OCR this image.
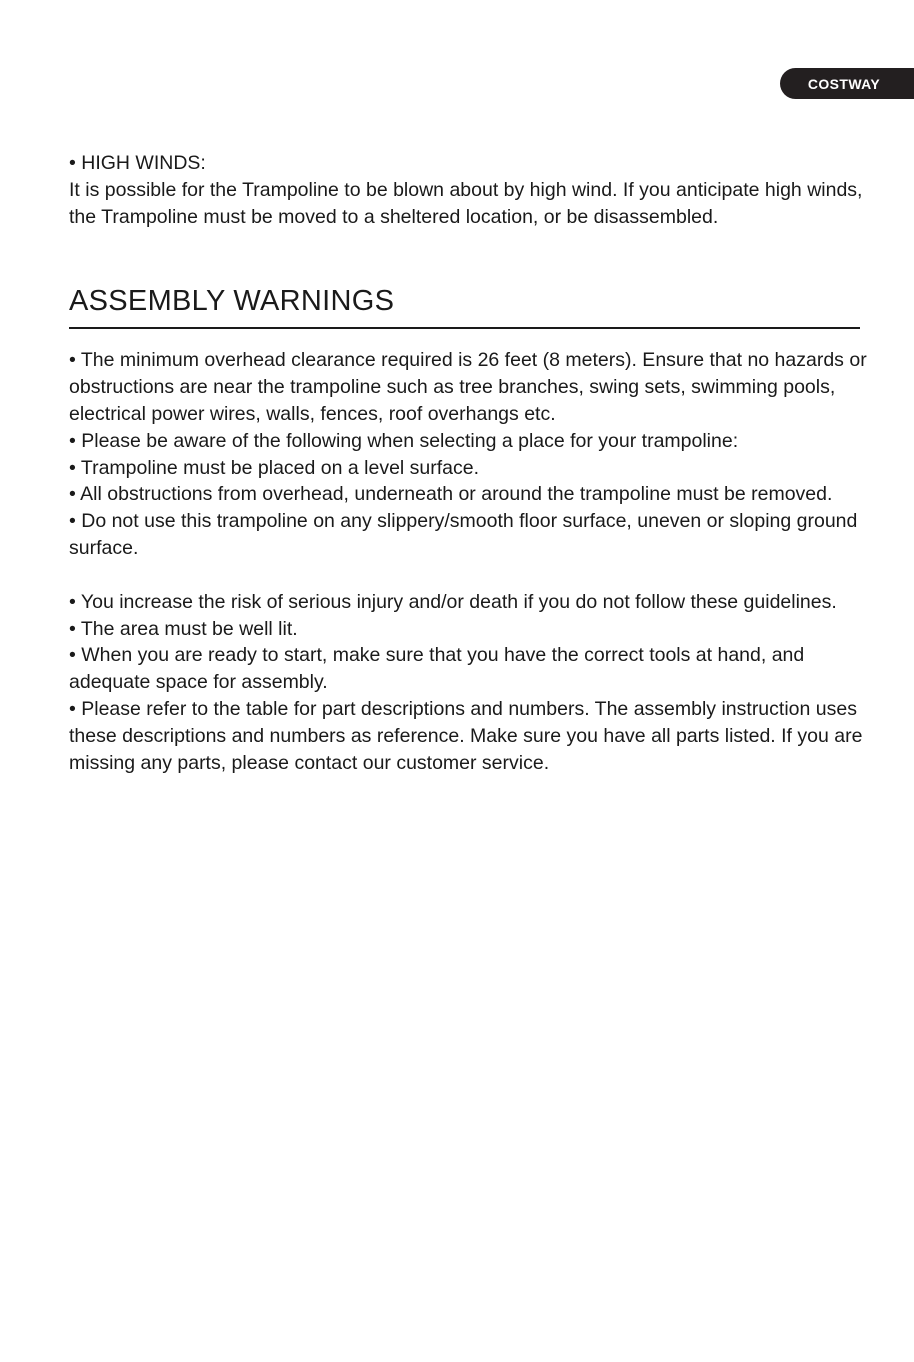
COSTWAY

• HIGH WINDS:

It is possible for the Trampoline to be blown about by high wind. If you anticipate high winds, the Trampoline must be moved to a sheltered location, or be disassembled.

ASSEMBLY WARNINGS

• The minimum overhead clearance required is 26 feet (8 meters). Ensure that no hazards or obstructions are near the trampoline such as tree branches, swing sets, swimming pools, electrical power wires, walls, fences, roof overhangs etc.

• Please be aware of the following when selecting a place for your trampoline:

• Trampoline must be placed on a level surface.

• All obstructions from overhead, underneath or around the trampoline must be removed.

• Do not use this trampoline on any slippery/smooth floor surface, uneven or sloping ground surface.

• You increase the risk of serious injury and/or death if you do not follow these guidelines.

• The area must be well lit.

• When you are ready to start, make sure that you have the correct tools at hand, and adequate space for assembly.

• Please refer to the table for part descriptions and numbers. The assembly instruction uses these descriptions and numbers as reference. Make sure you have all parts listed. If you are missing any parts, please contact our customer service.
